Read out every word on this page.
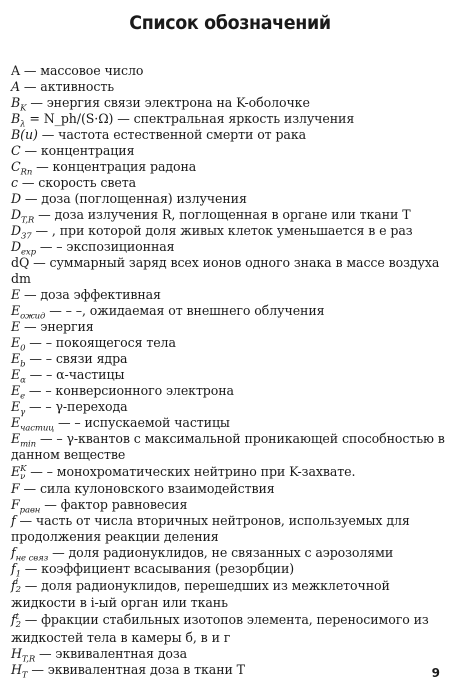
Список обозначений

A — массовое число

A — активность

$B_K$ — энергия связи электрона на K-оболочке

$B_\lambda$ = N_ph/(S·Ω) — спектральная яркость излучения

B(u) — частота естественной смерти от рака

C — концентрация

$C_{Rn}$ — концентрация радона

c — скорость света

D — доза (поглощенная) излучения

$D_{T,R}$ — доза излучения R, поглощенная в органе или ткани T

$D_{37}$ — , при которой доля живых клеток уменьшается в e раз

$D_{exp}$ — – экспозиционная

dQ — суммарный заряд всех ионов одного знака в массе воздуха dm

E — доза эффективная

$E_{ожид}$ — – –, ожидаемая от внешнего облучения

E — энергия

$E_0$ — – покоящегося тела

$E_b$ — – связи ядра

$E_\alpha$ — – α-частицы

$E_e$ — – конверсионного электрона

$E_\gamma$ — – γ-перехода

$E_{частиц}$ — – испускаемой частицы

$E_{min}$ — – γ-квантов с максимальной проникающей способностью в данном веществе

E K
ν — – монохроматических нейтрино при K-захвате.

F — сила кулоновского взаимодействия

$F_{равн}$ — фактор равновесия

f — часть от числа вторичных нейтронов, используемых для продолжения реакции деления

$f_{не связ}$ — доля радионуклидов, не связанных с аэрозолями

$f_1$ — коэффициент всасывания (резорбции)

f i
2 — доля радионуклидов, перешедших из межклеточной жидкости в i-ый орган или ткань

f t
2 — фракции стабильных изотопов элемента, переносимого из жидкостей тела в камеры б, в и г

$H_{T,R}$ — эквивалентная доза

$H_T$ — эквивалентная доза в ткани T	9
